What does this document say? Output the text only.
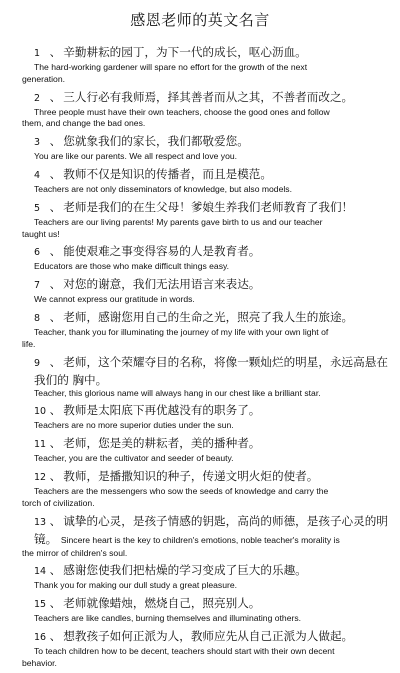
感恩老师的英文名言
1 、 辛勤耕耘的园丁，为下一代的成长，呕心沥血。
The hard-working gardener will spare no effort for the growth of the next
generation.
2 、 三人行必有我师焉，择其善者而从之其，不善者而改之。
Three people must have their own teachers, choose the good ones and follow
them, and change the bad ones.
3 、 您就象我们的家长，我们都敬爱您。
You are like our parents. We all respect and love you.
4 、 教师不仅是知识的传播者，而且是模范。
Teachers are not only disseminators of knowledge, but also models.
5 、 老师是我们的在生父母！爹娘生养我们老师教育了我们！
Teachers are our living parents! My parents gave birth to us and our teacher
taught us!
6 、 能使艰难之事变得容易的人是教育者。
Educators are those who make difficult things easy.
7 、 对您的谢意，我们无法用语言来表达。
We cannot express our gratitude in words.
8 、 老师，感谢您用自己的生命之光，照亮了我人生的旅途。
Teacher, thank you for illuminating the journey of my life with your own light of
life.
9 、 老师，这个荣耀夺目的名称，将像一颗灿烂的明星，永远高悬在我们的 胸中。
Teacher, this glorious name will always hang in our chest like a brilliant star.
10 、 教师是太阳底下再优越没有的职务了。
Teachers are no more superior duties under the sun.
11 、 老师，您是美的耕耘者，美的播种者。
Teacher, you are the cultivator and seeder of beauty.
12 、 教师，是播撒知识的种子，传递文明火炬的使者。
Teachers are the messengers who sow the seeds of knowledge and carry the
torch of civilization.
13 、 诚挚的心灵，是孩子情感的钥匙，高尚的师德，是孩子心灵的明镜。 Sincere heart is the key to children's emotions, noble teacher's morality is
the mirror of children's soul.
14 、 感谢您使我们把枯燥的学习变成了巨大的乐趣。
Thank you for making our dull study a great pleasure.
15 、 老师就像蜡烛，燃烧自己，照亮别人。
Teachers are like candles, burning themselves and illuminating others.
16 、 想教孩子如何正派为人，教师应先从自己正派为人做起。
To teach children how to be decent, teachers should start with their own decent
behavior.
